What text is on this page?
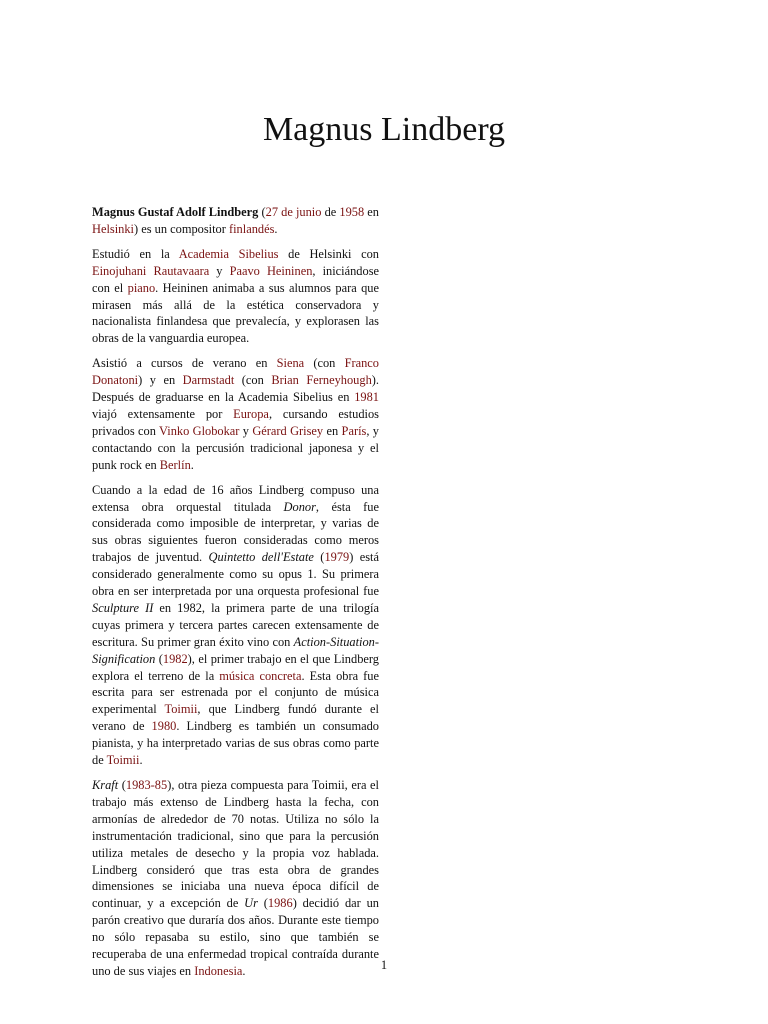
Magnus Lindberg

Magnus Gustaf Adolf Lindberg (27 de junio de 1958 en Helsinki) es un compositor finlandés.

Estudió en la Academia Sibelius de Helsinki con Einojuhani Rautavaara y Paavo Heininen, iniciándose con el piano. Heininen animaba a sus alumnos para que mirasen más allá de la estética conservadora y nacionalista finlandesa que prevalecía, y explorasen las obras de la vanguardia europea.

Asistió a cursos de verano en Siena (con Franco Donatoni) y en Darmstadt (con Brian Ferneyhough). Después de graduarse en la Academia Sibelius en 1981 viajó extensamente por Europa, cursando estudios privados con Vinko Globokar y Gérard Grisey en París, y contactando con la percusión tradicional japonesa y el punk rock en Berlín.

Cuando a la edad de 16 años Lindberg compuso una extensa obra orquestal titulada Donor, ésta fue considerada como imposible de interpretar, y varias de sus obras siguientes fueron consideradas como meros trabajos de juventud. Quintetto dell'Estate (1979) está considerado generalmente como su opus 1. Su primera obra en ser interpretada por una orquesta profesional fue Sculpture II en 1982, la primera parte de una trilogía cuyas primera y tercera partes carecen extensamente de escritura. Su primer gran éxito vino con Action-Situation-Signification (1982), el primer trabajo en el que Lindberg explora el terreno de la música concreta. Esta obra fue escrita para ser estrenada por el conjunto de música experimental Toimii, que Lindberg fundó durante el verano de 1980. Lindberg es también un consumado pianista, y ha interpretado varias de sus obras como parte de Toimii.

Kraft (1983-85), otra pieza compuesta para Toimii, era el trabajo más extenso de Lindberg hasta la fecha, con armonías de alrededor de 70 notas. Utiliza no sólo la instrumentación tradicional, sino que para la percusión utiliza metales de desecho y la propia voz hablada. Lindberg consideró que tras esta obra de grandes dimensiones se iniciaba una nueva época difícil de continuar, y a excepción de Ur (1986) decidió dar un parón creativo que duraría dos años. Durante este tiempo no sólo repasaba su estilo, sino que también se recuperaba de una enfermedad tropical contraída durante uno de sus viajes en Indonesia.	1
